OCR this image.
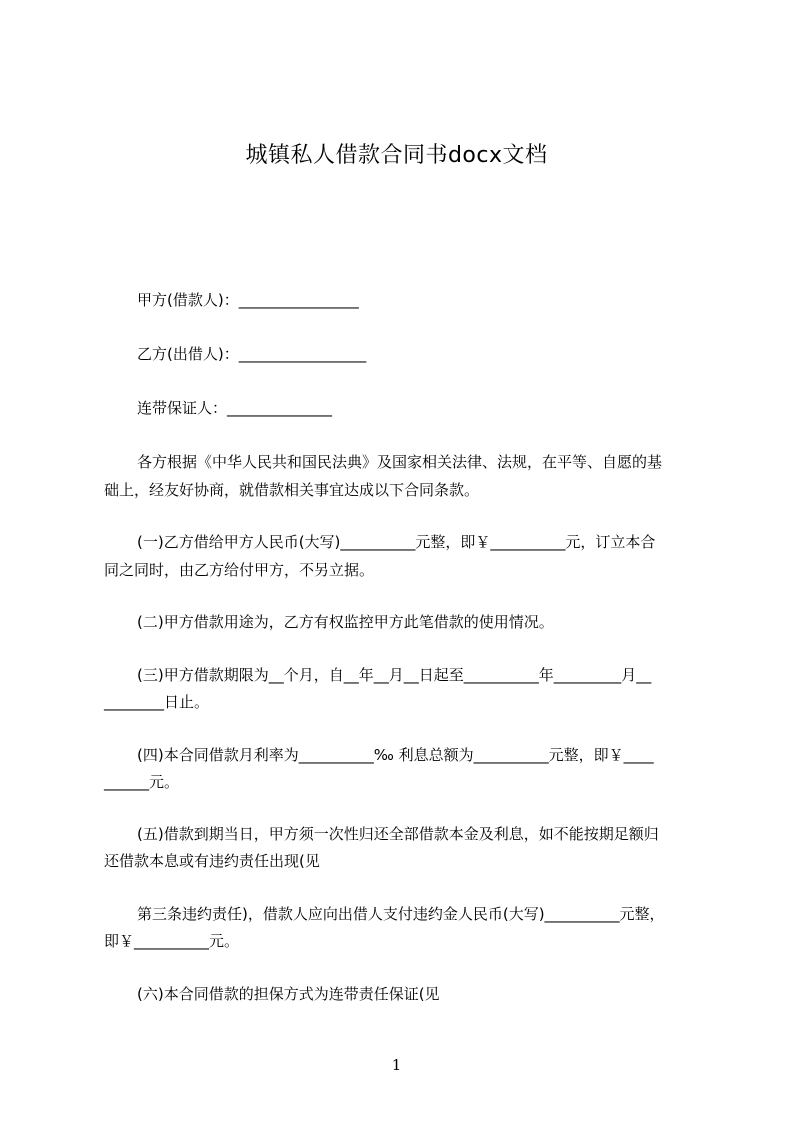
城镇私人借款合同书docx文档
甲方(借款人)：________________
乙方(出借人)：_________________
连带保证人：______________
各方根据《中华人民共和国民法典》及国家相关法律、法规，在平等、自愿的基
础上，经友好协商，就借款相关事宜达成以下合同条款。
(一)乙方借给甲方人民币(大写)__________元整，即￥__________元，订立本合
同之同时，由乙方给付甲方，不另立据。
(二)甲方借款用途为，乙方有权监控甲方此笔借款的使用情况。
(三)甲方借款期限为__个月，自__年__月__日起至__________年_________月__
________日止。
(四)本合同借款月利率为__________‰ 利息总额为__________元整，即￥____
______元。
(五)借款到期当日，甲方须一次性归还全部借款本金及利息，如不能按期足额归
还借款本息或有违约责任出现(见
第三条违约责任)，借款人应向出借人支付违约金人民币(大写)__________元整，
即￥__________元。
(六)本合同借款的担保方式为连带责任保证(见
1
